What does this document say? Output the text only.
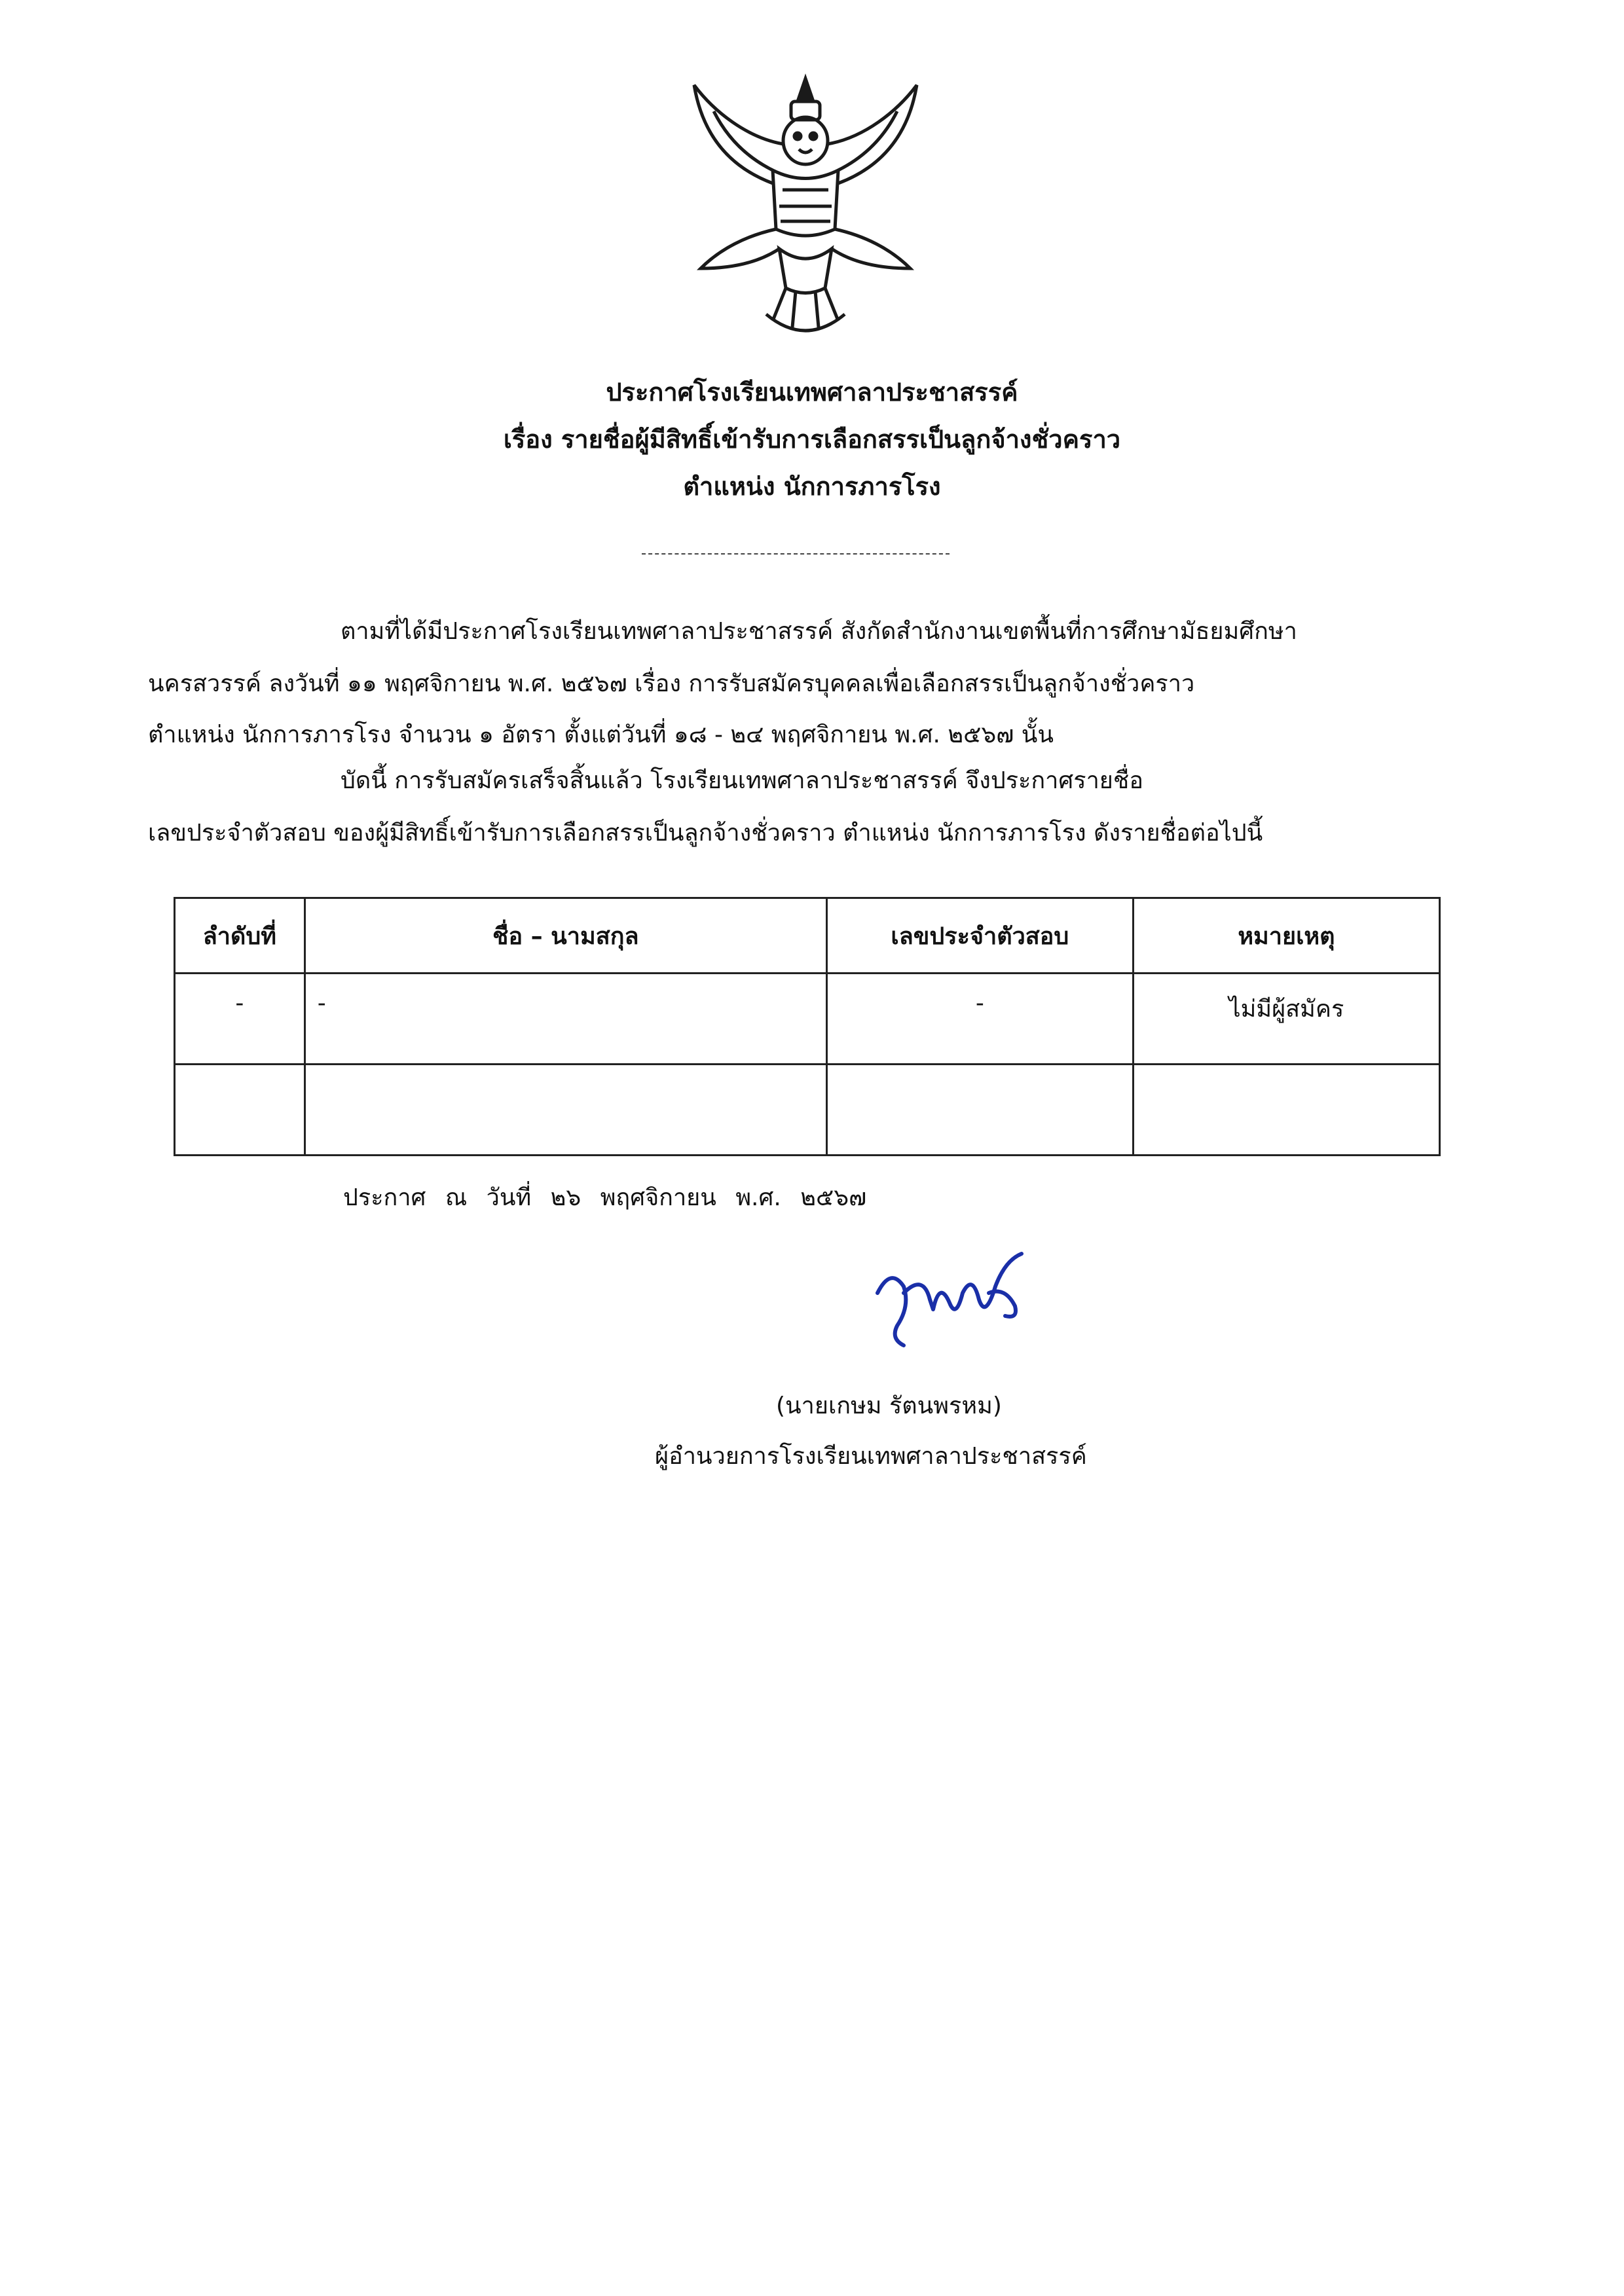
ประกาศโรงเรียนเทพศาลาประชาสรรค์
เรื่อง รายชื่อผู้มีสิทธิ์เข้ารับการเลือกสรรเป็นลูกจ้างชั่วคราว
ตำแหน่ง นักการภารโรง
ตามที่ได้มีประกาศโรงเรียนเทพศาลาประชาสรรค์ สังกัดสำนักงานเขตพื้นที่การศึกษามัธยมศึกษา
นครสวรรค์ ลงวันที่ ๑๑ พฤศจิกายน พ.ศ. ๒๕๖๗ เรื่อง การรับสมัครบุคคลเพื่อเลือกสรรเป็นลูกจ้างชั่วคราว
ตำแหน่ง นักการภารโรง จำนวน ๑ อัตรา ตั้งแต่วันที่ ๑๘ - ๒๔ พฤศจิกายน พ.ศ. ๒๕๖๗ นั้น
บัดนี้ การรับสมัครเสร็จสิ้นแล้ว โรงเรียนเทพศาลาประชาสรรค์ จึงประกาศรายชื่อ
เลขประจำตัวสอบ ของผู้มีสิทธิ์เข้ารับการเลือกสรรเป็นลูกจ้างชั่วคราว ตำแหน่ง นักการภารโรง ดังรายชื่อต่อไปนี้
ลำดับที่	ชื่อ – นามสกุล	เลขประจำตัวสอบ	หมายเหตุ
-	-	-	ไม่มีผู้สมัคร

ประกาศ ณ วันที่ ๒๖ พฤศจิกายน พ.ศ. ๒๕๖๗
(นายเกษม รัตนพรหม)
ผู้อำนวยการโรงเรียนเทพศาลาประชาสรรค์
